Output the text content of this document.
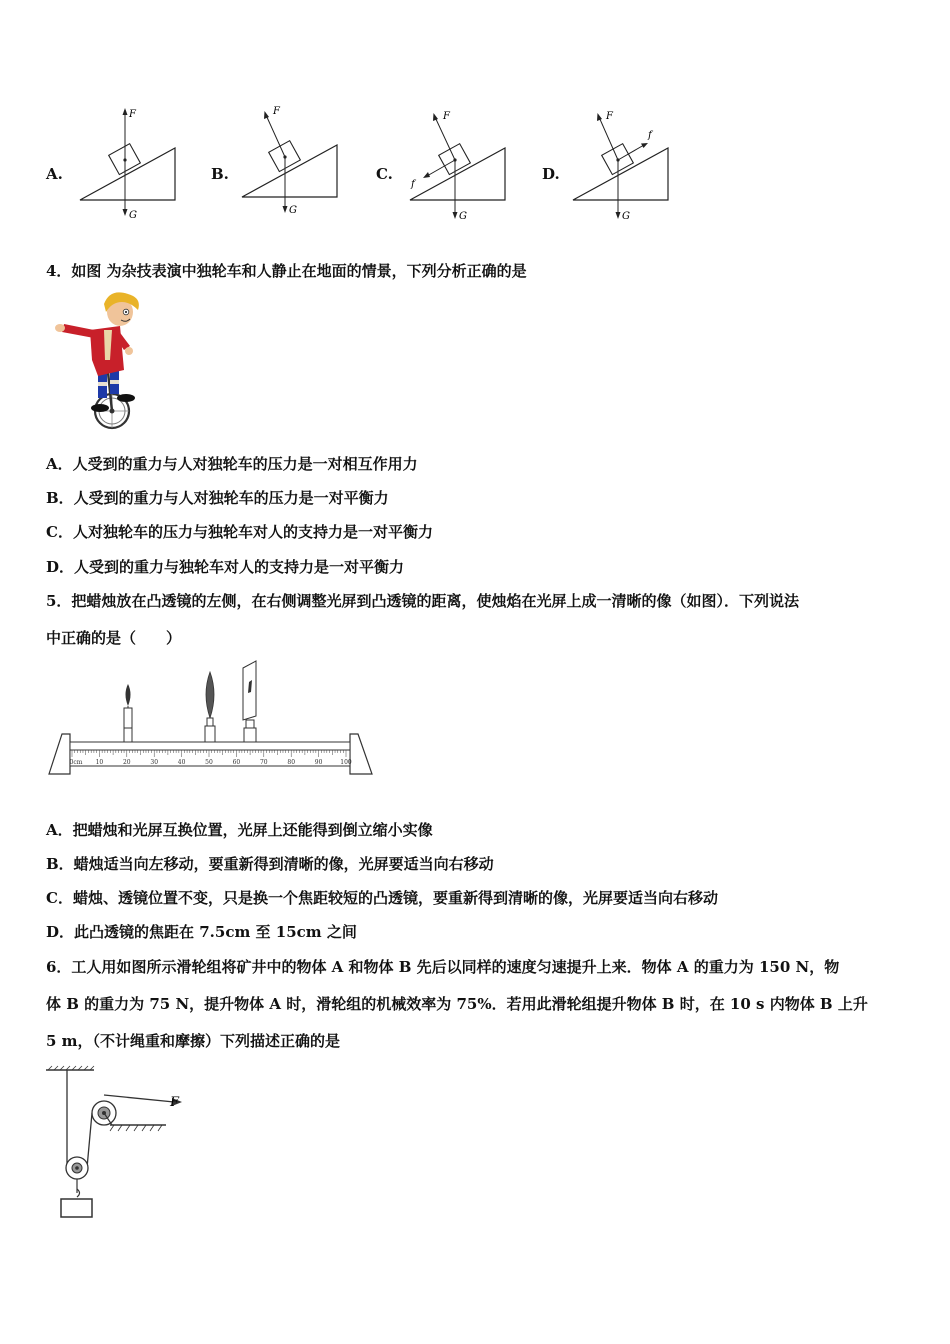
A.	B.	C.	D.
F
G
F
G
F
G
f
F
G
f
4．如图 为杂技表演中独轮车和人静止在地面的情景，下列分析正确的是
A．人受到的重力与人对独轮车的压力是一对相互作用力
B．人受到的重力与人对独轮车的压力是一对平衡力
C．人对独轮车的压力与独轮车对人的支持力是一对平衡力
D．人受到的重力与独轮车对人的支持力是一对平衡力
5．把蜡烛放在凸透镜的左侧，在右侧调整光屏到凸透镜的距离，使烛焰在光屏上成一清晰的像（如图）．下列说法
中正确的是（　　）
0cm 10	20	30	40	50	60	70	80	90	100
A．把蜡烛和光屏互换位置，光屏上还能得到倒立缩小实像
B．蜡烛适当向左移动，要重新得到清晰的像，光屏要适当向右移动
C．蜡烛、透镜位置不变，只是换一个焦距较短的凸透镜，要重新得到清晰的像，光屏要适当向右移动
D．此凸透镜的焦距在 7.5cm 至 15cm 之间
6．工人用如图所示滑轮组将矿井中的物体 A 和物体 B 先后以同样的速度匀速提升上来．物体 A 的重力为 150 N，物
体 B 的重力为 75 N，提升物体 A 时，滑轮组的机械效率为 75%．若用此滑轮组提升物体 B 时，在 10 s 内物体 B 上升
5 m，（不计绳重和摩擦）下列描述正确的是
F
